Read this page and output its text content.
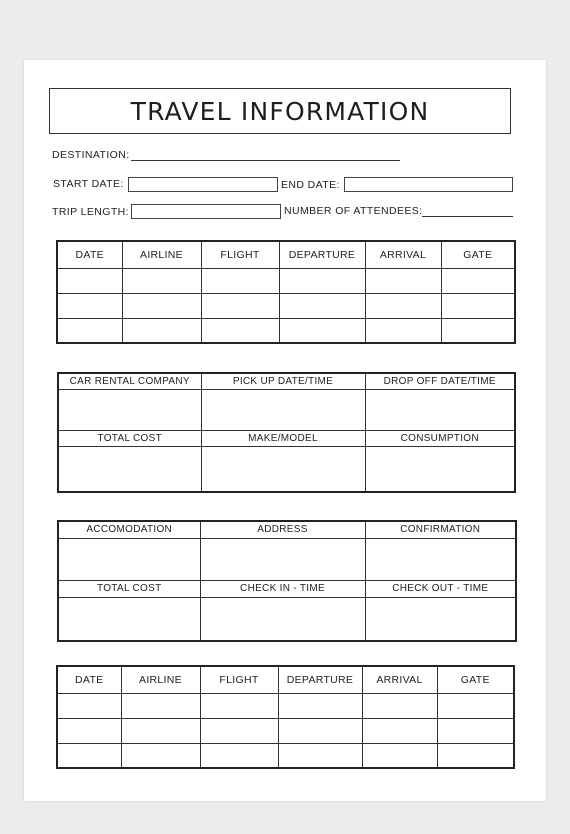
TRAVEL INFORMATION
DESTINATION:
START DATE:	END DATE:
TRIP LENGTH:	NUMBER OF ATTENDEES:
DATE	AIRLINE	FLIGHT	DEPARTURE	ARRIVAL	GATE

CAR RENTAL COMPANY	PICK UP DATE/TIME	DROP OFF DATE/TIME

TOTAL COST	MAKE/MODEL	CONSUMPTION

ACCOMODATION	ADDRESS	CONFIRMATION

TOTAL COST	CHECK IN - TIME	CHECK OUT - TIME

DATE	AIRLINE	FLIGHT	DEPARTURE	ARRIVAL	GATE
